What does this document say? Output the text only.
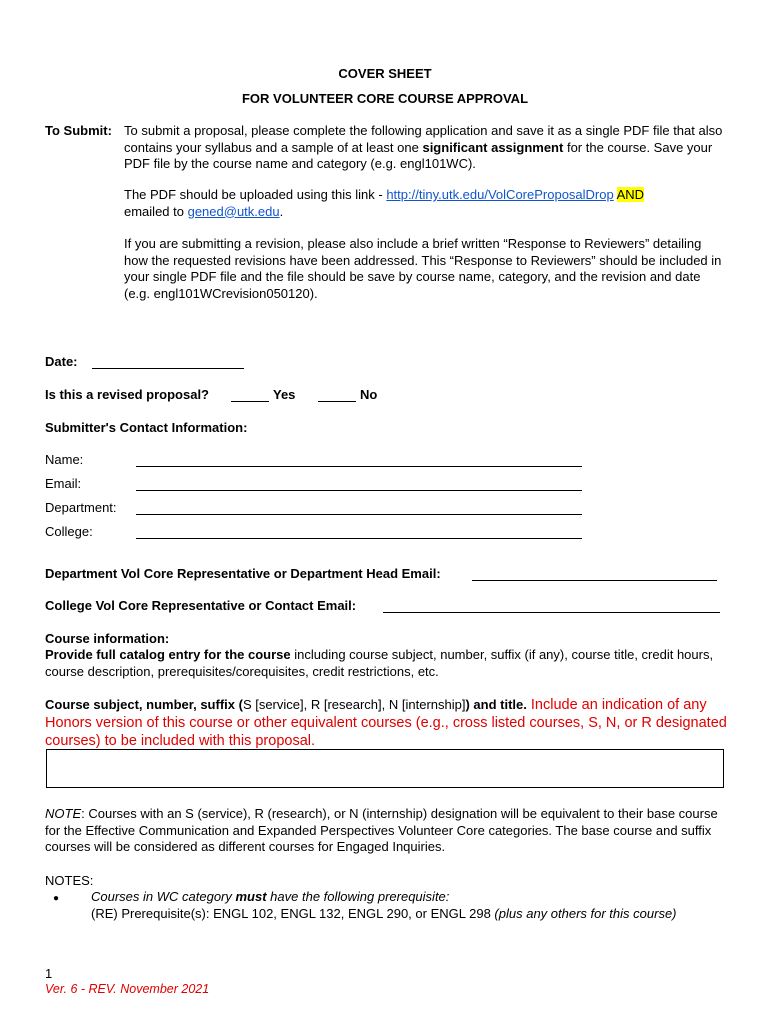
COVER SHEET
FOR VOLUNTEER CORE COURSE APPROVAL
To Submit: To submit a proposal, please complete the following application and save it as a single PDF file that also contains your syllabus and a sample of at least one significant assignment for the course. Save your PDF file by the course name and category (e.g. engl101WC).
The PDF should be uploaded using this link - http://tiny.utk.edu/VolCoreProposalDrop AND
emailed to gened@utk.edu.
If you are submitting a revision, please also include a brief written “Response to Reviewers” detailing how the requested revisions have been addressed. This “Response to Reviewers” should be included in your single PDF file and the file should be save by course name, category, and the revision and date (e.g. engl101WCrevision050120).
Date:
Is this a revised proposal?	Yes	No
Submitter's Contact Information:
Name:
Email:
Department:
College:
Department Vol Core Representative or Department Head Email:
College Vol Core Representative or Contact Email:
Course information:
Provide full catalog entry for the course including course subject, number, suffix (if any), course title, credit hours, course description, prerequisites/corequisites, credit restrictions, etc.
Course subject, number, suffix (S [service], R [research], N [internship]) and title. Include an indication of any Honors version of this course or other equivalent courses (e.g., cross listed courses, S, N, or R designated courses) to be included with this proposal.
NOTE: Courses with an S (service), R (research), or N (internship) designation will be equivalent to their base course for the Effective Communication and Expanded Perspectives Volunteer Core categories. The base course and suffix courses will be considered as different courses for Engaged Inquiries.
NOTES:
● Courses in WC category must have the following prerequisite:
(RE) Prerequisite(s): ENGL 102, ENGL 132, ENGL 290, or ENGL 298 (plus any others for this course)
1
Ver. 6 - REV. November 2021
